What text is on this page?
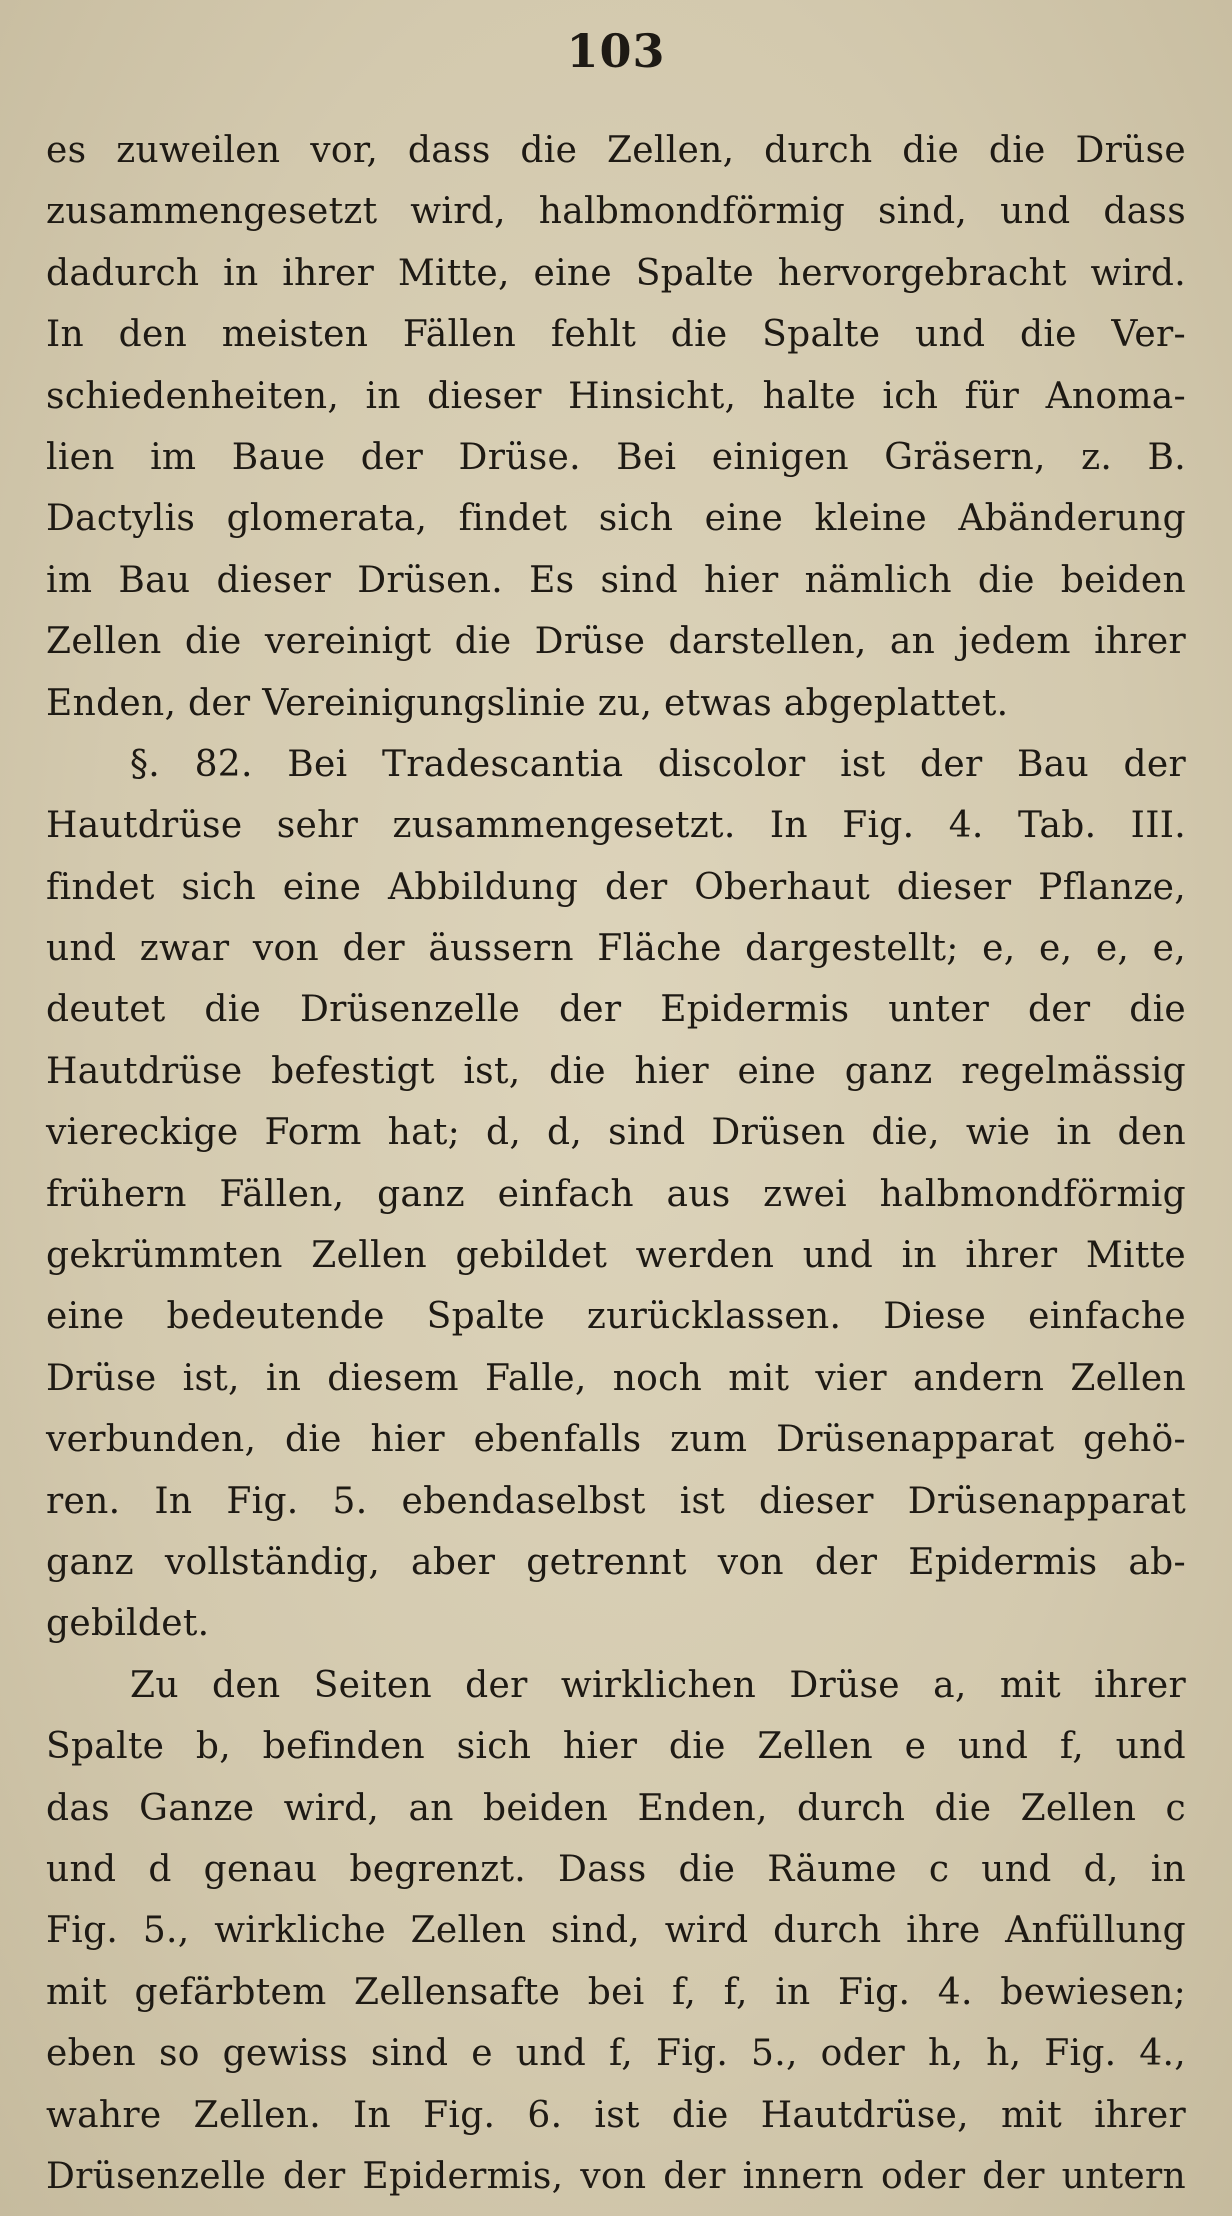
103
es zuweilen vor, dass die Zellen, durch die die Drüse
zusammengesetzt wird, halbmondförmig sind, und dass
dadurch in ihrer Mitte, eine Spalte hervorgebracht wird.
In den meisten Fällen fehlt die Spalte und die Ver-
schiedenheiten, in dieser Hinsicht, halte ich für Anoma-
lien im Baue der Drüse. Bei einigen Gräsern, z. B.
Dactylis glomerata, findet sich eine kleine Abänderung
im Bau dieser Drüsen. Es sind hier nämlich die beiden
Zellen die vereinigt die Drüse darstellen, an jedem ihrer
Enden, der Vereinigungslinie zu, etwas abgeplattet.
§. 82. Bei Tradescantia discolor ist der Bau der
Hautdrüse sehr zusammengesetzt. In Fig. 4. Tab. III.
findet sich eine Abbildung der Oberhaut dieser Pflanze,
und zwar von der äussern Fläche dargestellt; e, e, e, e,
deutet die Drüsenzelle der Epidermis unter der die
Hautdrüse befestigt ist, die hier eine ganz regelmässig
viereckige Form hat; d, d, sind Drüsen die, wie in den
frühern Fällen, ganz einfach aus zwei halbmondförmig
gekrümmten Zellen gebildet werden und in ihrer Mitte
eine bedeutende Spalte zurücklassen. Diese einfache
Drüse ist, in diesem Falle, noch mit vier andern Zellen
verbunden, die hier ebenfalls zum Drüsenapparat gehö-
ren. In Fig. 5. ebendaselbst ist dieser Drüsenapparat
ganz vollständig, aber getrennt von der Epidermis ab-
gebildet.
Zu den Seiten der wirklichen Drüse a, mit ihrer
Spalte b, befinden sich hier die Zellen e und f, und
das Ganze wird, an beiden Enden, durch die Zellen c
und d genau begrenzt. Dass die Räume c und d, in
Fig. 5., wirkliche Zellen sind, wird durch ihre Anfüllung
mit gefärbtem Zellensafte bei f, f, in Fig. 4. bewiesen;
eben so gewiss sind e und f, Fig. 5., oder h, h, Fig. 4.,
wahre Zellen. In Fig. 6. ist die Hautdrüse, mit ihrer
Drüsenzelle der Epidermis, von der innern oder der untern
